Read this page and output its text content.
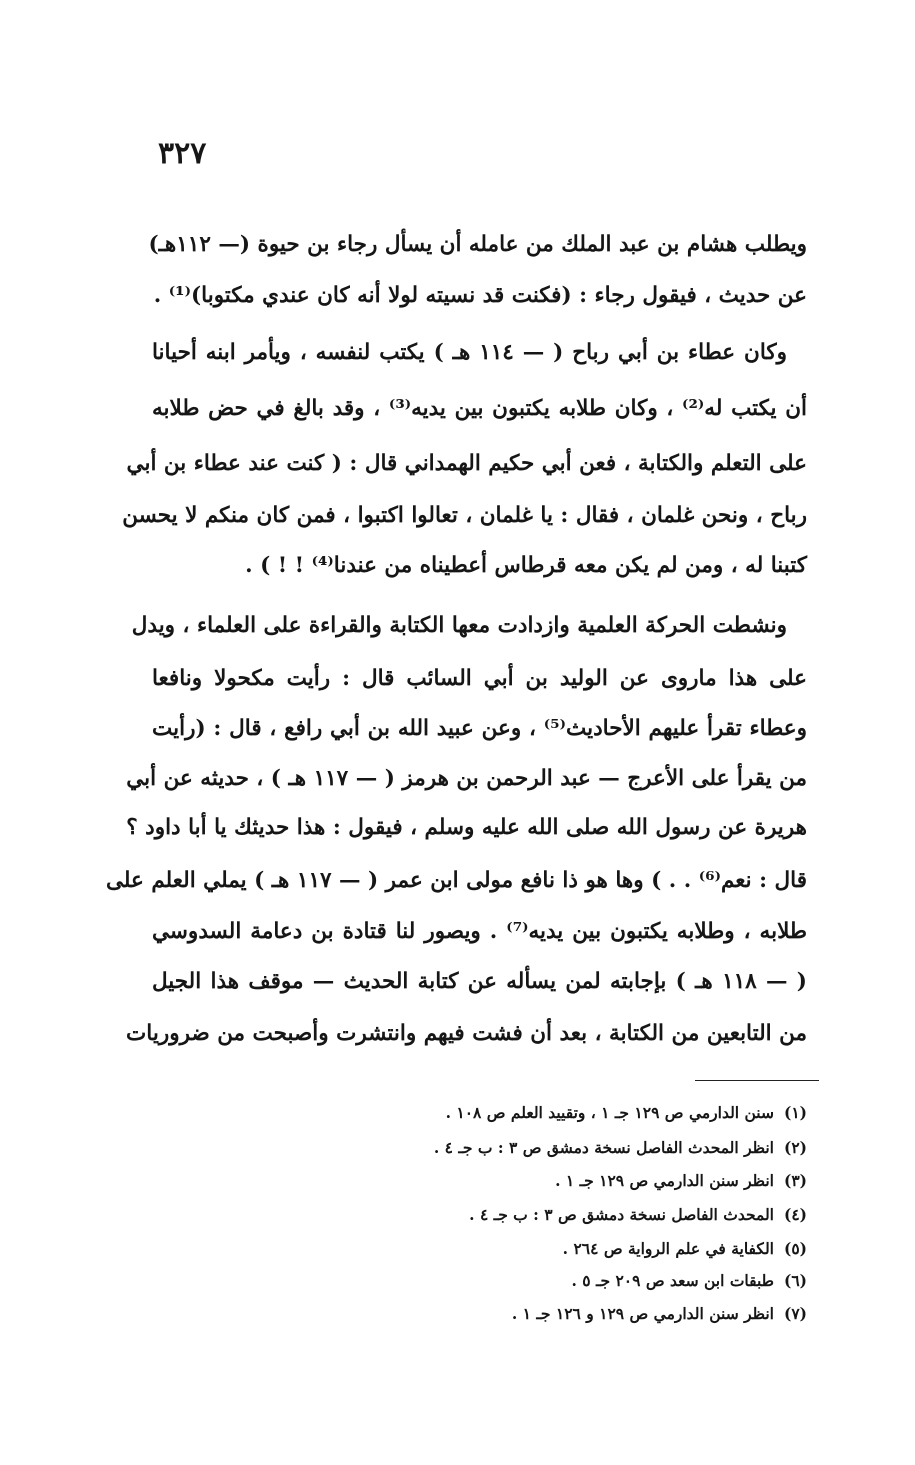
٣٢٧
ويطلب هشام بن عبد الملك من عامله أن يسأل رجاء بن حيوة (— ١١٢هـ)
عن حديث ، فيقول رجاء : (فكنت قد نسيته لولا أنه كان عندي مكتوبا)⁽¹⁾ .
وكان عطاء بن أبي رباح ( — ١١٤ هـ ) يكتب لنفسه ، ويأمر ابنه أحيانا
أن يكتب له⁽²⁾ ، وكان طلابه يكتبون بين يديه⁽³⁾ ، وقد بالغ في حض طلابه
على التعلم والكتابة ، فعن أبي حكيم الهمداني قال : ( كنت عند عطاء بن أبي
رباح ، ونحن غلمان ، فقال : يا غلمان ، تعالوا اكتبوا ، فمن كان منكم لا يحسن
كتبنا له ، ومن لم يكن معه قرطاس أعطيناه من عندنا⁽⁴⁾ ! ! ) .
ونشطت الحركة العلمية وازدادت معها الكتابة والقراءة على العلماء ، ويدل
على هذا ماروى عن الوليد بن أبي السائب قال : رأيت مكحولا ونافعا
وعطاء تقرأ عليهم الأحاديث⁽⁵⁾ ، وعن عبيد الله بن أبي رافع ، قال : (رأيت
من يقرأ على الأعرج — عبد الرحمن بن هرمز ( — ١١٧ هـ ) ، حديثه عن أبي
هريرة عن رسول الله صلى الله عليه وسلم ، فيقول : هذا حديثك يا أبا داود ؟
قال : نعم⁽⁶⁾ . . ) وها هو ذا نافع مولى ابن عمر ( — ١١٧ هـ ) يملي العلم على
طلابه ، وطلابه يكتبون بين يديه⁽⁷⁾ . ويصور لنا قتادة بن دعامة السدوسي
( — ١١٨ هـ ) بإجابته لمن يسأله عن كتابة الحديث — موقف هذا الجيل
من التابعين من الكتابة ، بعد أن فشت فيهم وانتشرت وأصبحت من ضروريات
(١)سنن الدارمي ص ١٢٩ جـ ١ ، وتقييد العلم ص ١٠٨ .
(٢)انظر المحدث الفاصل نسخة دمشق ص ٣ : ب جـ ٤ .
(٣)انظر سنن الدارمي ص ١٢٩ جـ ١ .
(٤)المحدث الفاصل نسخة دمشق ص ٣ : ب جـ ٤ .
(٥)الكفاية في علم الرواية ص ٢٦٤ .
(٦)طبقات ابن سعد ص ٢٠٩ جـ ٥ .
(٧)انظر سنن الدارمي ص ١٢٩ و ١٢٦ جـ ١ .
